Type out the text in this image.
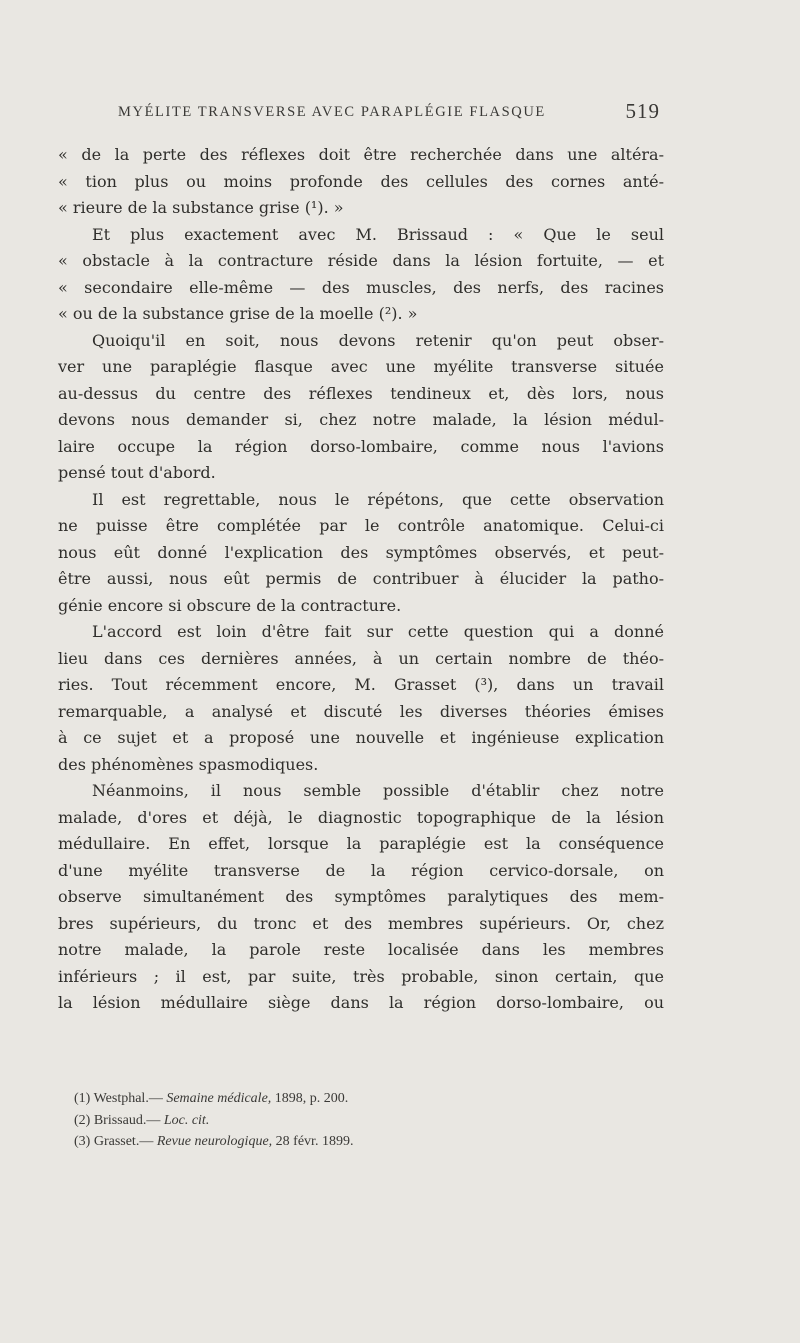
MYÉLITE TRANSVERSE AVEC PARAPLÉGIE FLASQUE	519
« de la perte des réflexes doit être recherchée dans une altéra-
« tion plus ou moins profonde des cellules des cornes anté-
« rieure de la substance grise (¹). »
Et plus exactement avec M. Brissaud : « Que le seul
« obstacle à la contracture réside dans la lésion fortuite, — et
« secondaire elle-même — des muscles, des nerfs, des racines
« ou de la substance grise de la moelle (²). »
Quoiqu'il en soit, nous devons retenir qu'on peut obser-
ver une paraplégie flasque avec une myélite transverse située
au-dessus du centre des réflexes tendineux et, dès lors, nous
devons nous demander si, chez notre malade, la lésion médul-
laire occupe la région dorso-lombaire, comme nous l'avions
pensé tout d'abord.
Il est regrettable, nous le répétons, que cette observation
ne puisse être complétée par le contrôle anatomique. Celui-ci
nous eût donné l'explication des symptômes observés, et peut-
être aussi, nous eût permis de contribuer à élucider la patho-
génie encore si obscure de la contracture.
L'accord est loin d'être fait sur cette question qui a donné
lieu dans ces dernières années, à un certain nombre de théo-
ries. Tout récemment encore, M. Grasset (³), dans un travail
remarquable, a analysé et discuté les diverses théories émises
à ce sujet et a proposé une nouvelle et ingénieuse explication
des phénomènes spasmodiques.
Néanmoins, il nous semble possible d'établir chez notre
malade, d'ores et déjà, le diagnostic topographique de la lésion
médullaire. En effet, lorsque la paraplégie est la conséquence
d'une myélite transverse de la région cervico-dorsale, on
observe simultanément des symptômes paralytiques des mem-
bres supérieurs, du tronc et des membres supérieurs. Or, chez
notre malade, la parole reste localisée dans les membres
inférieurs ; il est, par suite, très probable, sinon certain, que
la lésion médullaire siège dans la région dorso-lombaire, ou
(1) Westphal.— Semaine médicale, 1898, p. 200.
(2) Brissaud.— Loc. cit.
(3) Grasset.— Revue neurologique, 28 févr. 1899.
